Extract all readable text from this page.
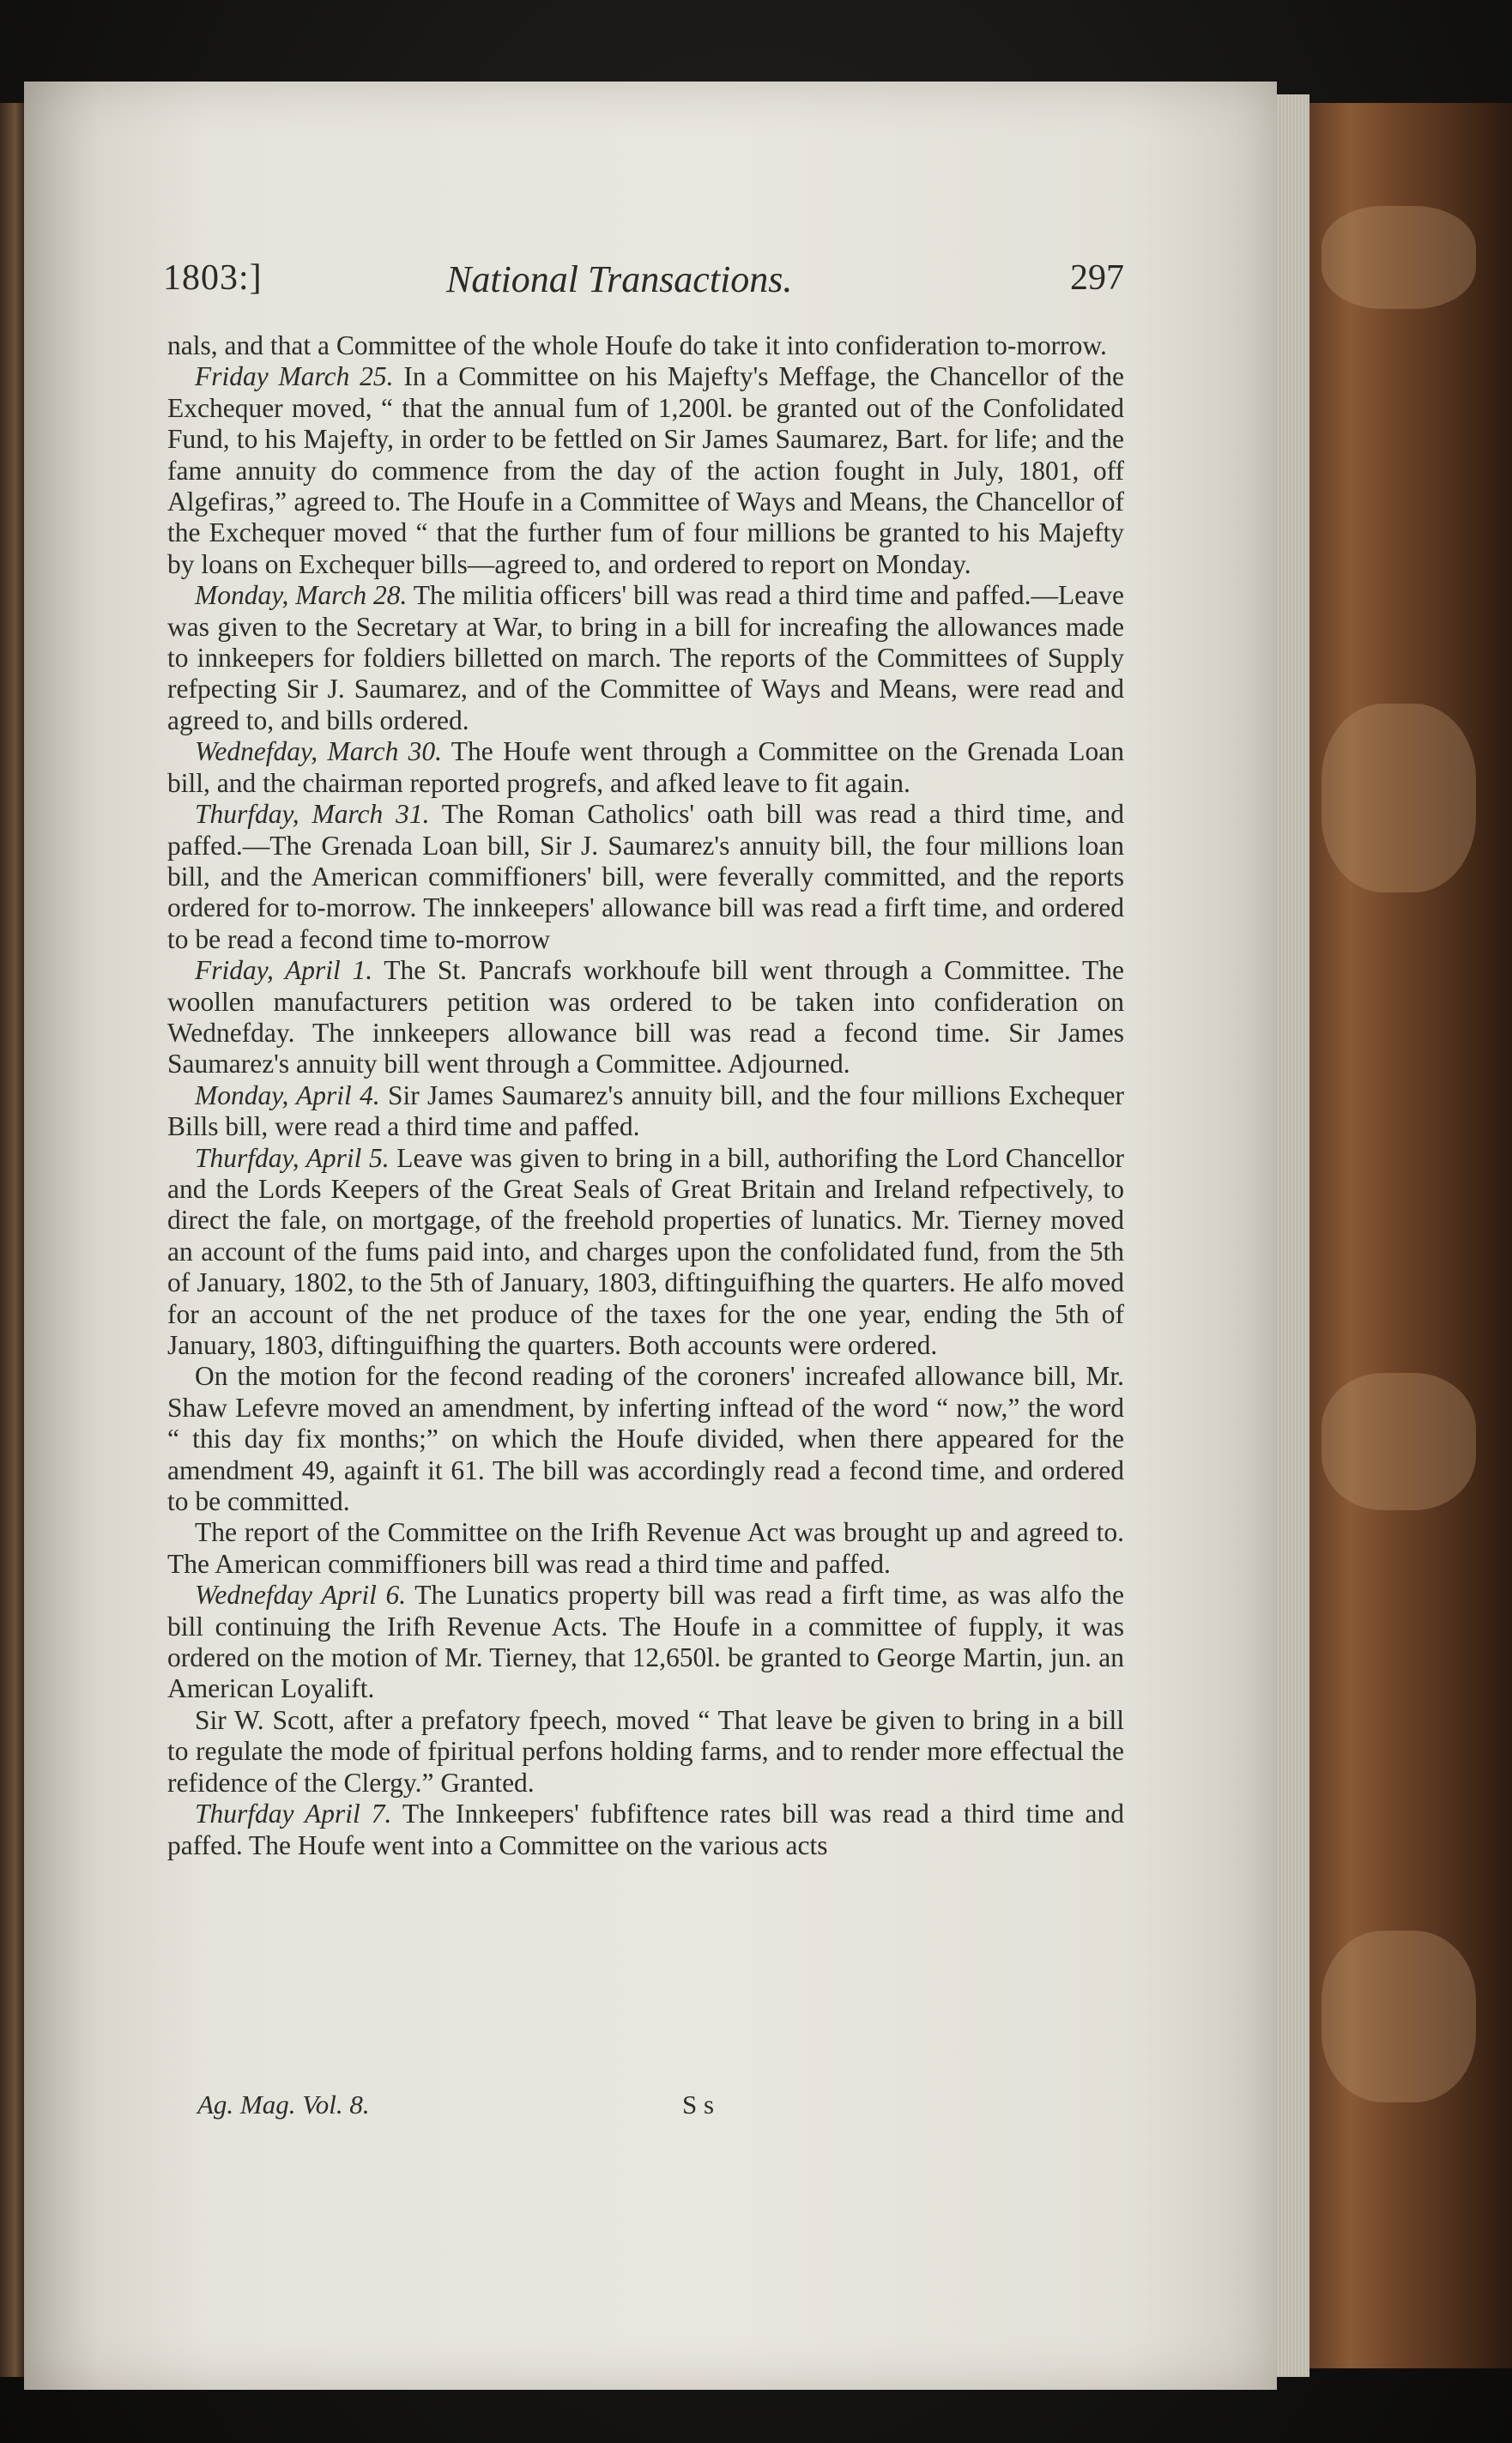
1803:]	National Transactions.	297

nals, and that a Committee of the whole Houfe do take it into confideration to-morrow.

Friday March 25. In a Committee on his Majefty's Meffage, the Chancellor of the Exchequer moved, “ that the annual fum of 1,200l. be granted out of the Confolidated Fund, to his Majefty, in order to be fettled on Sir James Saumarez, Bart. for life; and the fame annuity do commence from the day of the action fought in July, 1801, off Algefiras,” agreed to. The Houfe in a Committee of Ways and Means, the Chancellor of the Exchequer moved “ that the further fum of four millions be granted to his Majefty by loans on Exchequer bills—agreed to, and ordered to report on Monday.

Monday, March 28. The militia officers' bill was read a third time and paffed.—Leave was given to the Secretary at War, to bring in a bill for increafing the allowances made to innkeepers for foldiers billetted on march. The reports of the Committees of Supply refpecting Sir J. Saumarez, and of the Committee of Ways and Means, were read and agreed to, and bills ordered.

Wednefday, March 30. The Houfe went through a Committee on the Grenada Loan bill, and the chairman reported progrefs, and afked leave to fit again.

Thurfday, March 31. The Roman Catholics' oath bill was read a third time, and paffed.—The Grenada Loan bill, Sir J. Saumarez's annuity bill, the four millions loan bill, and the American commiffioners' bill, were feverally committed, and the reports ordered for to-morrow. The innkeepers' allowance bill was read a firft time, and ordered to be read a fecond time to-morrow

Friday, April 1. The St. Pancrafs workhoufe bill went through a Committee. The woollen manufacturers petition was ordered to be taken into confideration on Wednefday. The innkeepers allowance bill was read a fecond time. Sir James Saumarez's annuity bill went through a Committee. Adjourned.

Monday, April 4. Sir James Saumarez's annuity bill, and the four millions Exchequer Bills bill, were read a third time and paffed.

Thurfday, April 5. Leave was given to bring in a bill, authorifing the Lord Chancellor and the Lords Keepers of the Great Seals of Great Britain and Ireland refpectively, to direct the fale, on mortgage, of the freehold properties of lunatics. Mr. Tierney moved an account of the fums paid into, and charges upon the confolidated fund, from the 5th of January, 1802, to the 5th of January, 1803, diftinguifhing the quarters. He alfo moved for an account of the net produce of the taxes for the one year, ending the 5th of January, 1803, diftinguifhing the quarters. Both accounts were ordered.

On the motion for the fecond reading of the coroners' increafed allowance bill, Mr. Shaw Lefevre moved an amendment, by inferting inftead of the word “ now,” the word “ this day fix months;” on which the Houfe divided, when there appeared for the amendment 49, againft it 61. The bill was accordingly read a fecond time, and ordered to be committed.

The report of the Committee on the Irifh Revenue Act was brought up and agreed to. The American commiffioners bill was read a third time and paffed.

Wednefday April 6. The Lunatics property bill was read a firft time, as was alfo the bill continuing the Irifh Revenue Acts. The Houfe in a committee of fupply, it was ordered on the motion of Mr. Tierney, that 12,650l. be granted to George Martin, jun. an American Loyalift.

Sir W. Scott, after a prefatory fpeech, moved “ That leave be given to bring in a bill to regulate the mode of fpiritual perfons holding farms, and to render more effectual the refidence of the Clergy.” Granted.

Thurfday April 7. The Innkeepers' fubfiftence rates bill was read a third time and paffed. The Houfe went into a Committee on the various acts

Ag. Mag. Vol. 8.	S s
